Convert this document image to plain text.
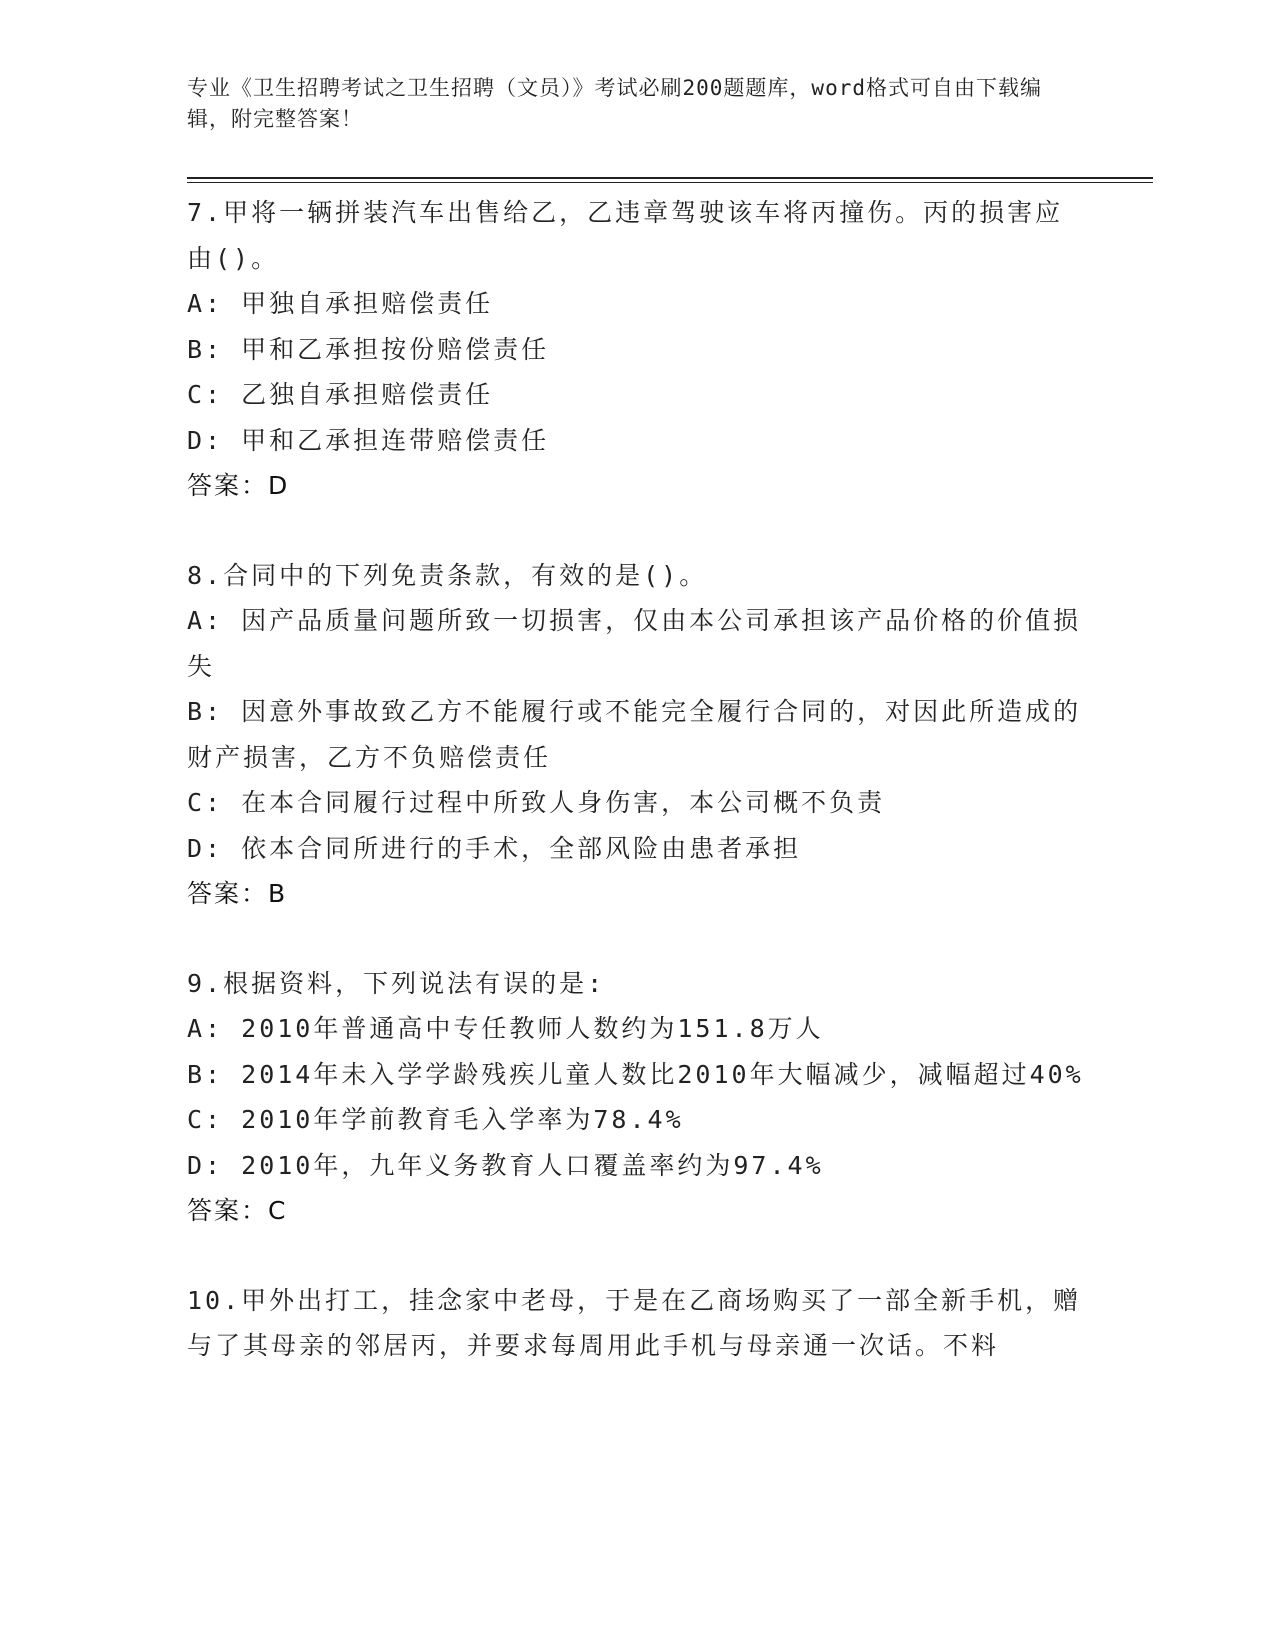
专业《卫生招聘考试之卫生招聘（文员）》考试必刷200题题库，word格式可自由下载编辑，附完整答案！
7.甲将一辆拼装汽车出售给乙，乙违章驾驶该车将丙撞伤。丙的损害应由()。
A: 甲独自承担赔偿责任
B: 甲和乙承担按份赔偿责任
C: 乙独自承担赔偿责任
D: 甲和乙承担连带赔偿责任
答案：D
8.合同中的下列免责条款，有效的是()。
A: 因产品质量问题所致一切损害，仅由本公司承担该产品价格的价值损失
B: 因意外事故致乙方不能履行或不能完全履行合同的，对因此所造成的财产损害，乙方不负赔偿责任
C: 在本合同履行过程中所致人身伤害，本公司概不负责
D: 依本合同所进行的手术，全部风险由患者承担
答案：B
9.根据资料，下列说法有误的是:
A: 2010年普通高中专任教师人数约为151.8万人
B: 2014年未入学学龄残疾儿童人数比2010年大幅减少，减幅超过40%
C: 2010年学前教育毛入学率为78.4%
D: 2010年，九年义务教育人口覆盖率约为97.4%
答案：C
10.甲外出打工，挂念家中老母，于是在乙商场购买了一部全新手机，赠与了其母亲的邻居丙，并要求每周用此手机与母亲通一次话。不料
